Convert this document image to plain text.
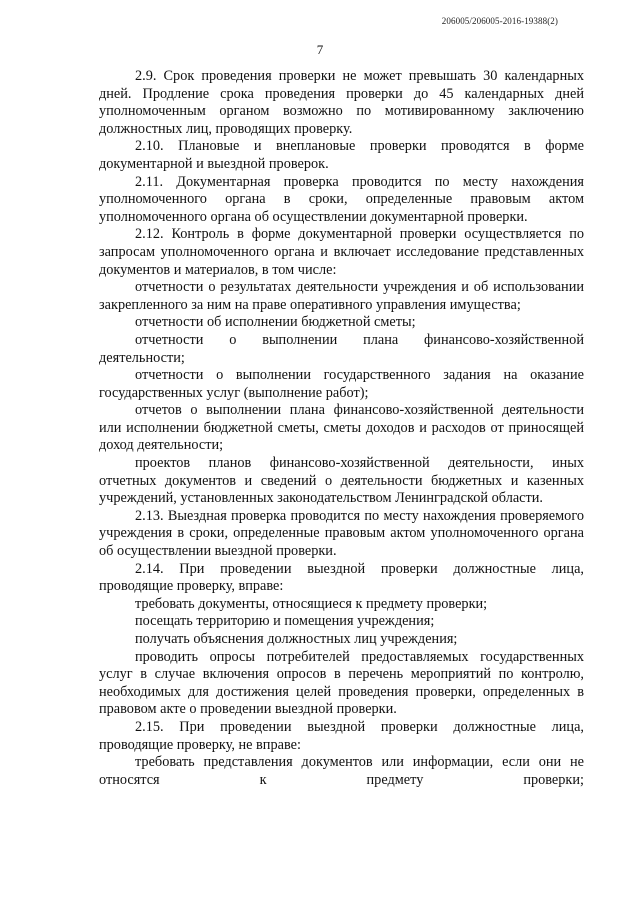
206005/206005-2016-19388(2)
7

2.9. Срок проведения проверки не может превышать 30 календарных дней. Продление срока проведения проверки до 45 календарных дней уполномоченным органом возможно по мотивированному заключению должностных лиц, проводящих проверку.

2.10. Плановые и внеплановые проверки проводятся в форме документарной и выездной проверок.

2.11. Документарная проверка проводится по месту нахождения уполномоченного органа в сроки, определенные правовым актом уполномоченного органа об осуществлении документарной проверки.

2.12. Контроль в форме документарной проверки осуществляется по запросам уполномоченного органа и включает исследование представленных документов и материалов, в том числе:

отчетности о результатах деятельности учреждения и об использовании закрепленного за ним на праве оперативного управления имущества;

отчетности об исполнении бюджетной сметы;

отчетности о выполнении плана финансово-хозяйственной деятельности;

отчетности о выполнении государственного задания на оказание государственных услуг (выполнение работ);

отчетов о выполнении плана финансово-хозяйственной деятельности или исполнении бюджетной сметы, сметы доходов и расходов от приносящей доход деятельности;

проектов планов финансово-хозяйственной деятельности, иных отчетных документов и сведений о деятельности бюджетных и казенных учреждений, установленных законодательством Ленинградской области.

2.13. Выездная проверка проводится по месту нахождения проверяемого учреждения в сроки, определенные правовым актом уполномоченного органа об осуществлении выездной проверки.

2.14. При проведении выездной проверки должностные лица, проводящие проверку, вправе:

требовать документы, относящиеся к предмету проверки;

посещать территорию и помещения учреждения;

получать объяснения должностных лиц учреждения;

проводить опросы потребителей предоставляемых государственных услуг в случае включения опросов в перечень мероприятий по контролю, необходимых для достижения целей проведения проверки, определенных в правовом акте о проведении выездной проверки.

2.15. При проведении выездной проверки должностные лица, проводящие проверку, не вправе:

требовать представления документов или информации, если они не относятся к предмету проверки;
